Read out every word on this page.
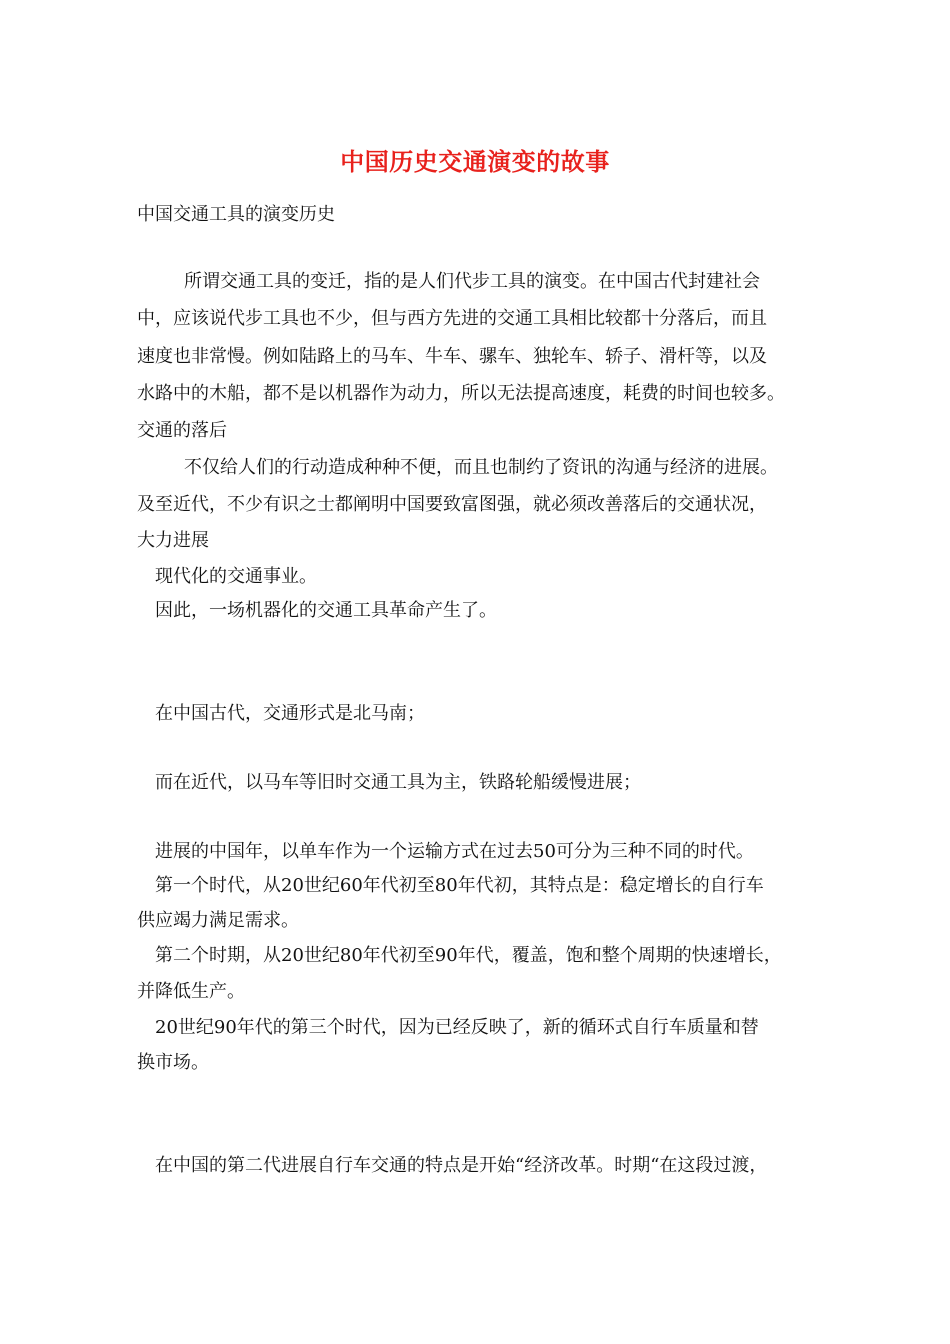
中国历史交通演变的故事
中国交通工具的演变历史
所谓交通工具的变迁，指的是人们代步工具的演变。在中国古代封建社会
中，应该说代步工具也不少，但与西方先进的交通工具相比较都十分落后，而且
速度也非常慢。例如陆路上的马车、牛车、骡车、独轮车、轿子、滑杆等，以及
水路中的木船，都不是以机器作为动力，所以无法提高速度，耗费的时间也较多。
交通的落后
不仅给人们的行动造成种种不便，而且也制约了资讯的沟通与经济的进展。
及至近代，不少有识之士都阐明中国要致富图强，就必须改善落后的交通状况，
大力进展
现代化的交通事业。
因此，一场机器化的交通工具革命产生了。
在中国古代，交通形式是北马南；
而在近代，以马车等旧时交通工具为主，铁路轮船缓慢进展；
进展的中国年，以单车作为一个运输方式在过去50可分为三种不同的时代。
第一个时代，从20世纪60年代初至80年代初，其特点是：稳定增长的自行车
供应竭力满足需求。
第二个时期，从20世纪80年代初至90年代，覆盖，饱和整个周期的快速增长，
并降低生产。
20世纪90年代的第三个时代，因为已经反映了，新的循环式自行车质量和替
换市场。
在中国的第二代进展自行车交通的特点是开始“经济改革。时期“在这段过渡，
